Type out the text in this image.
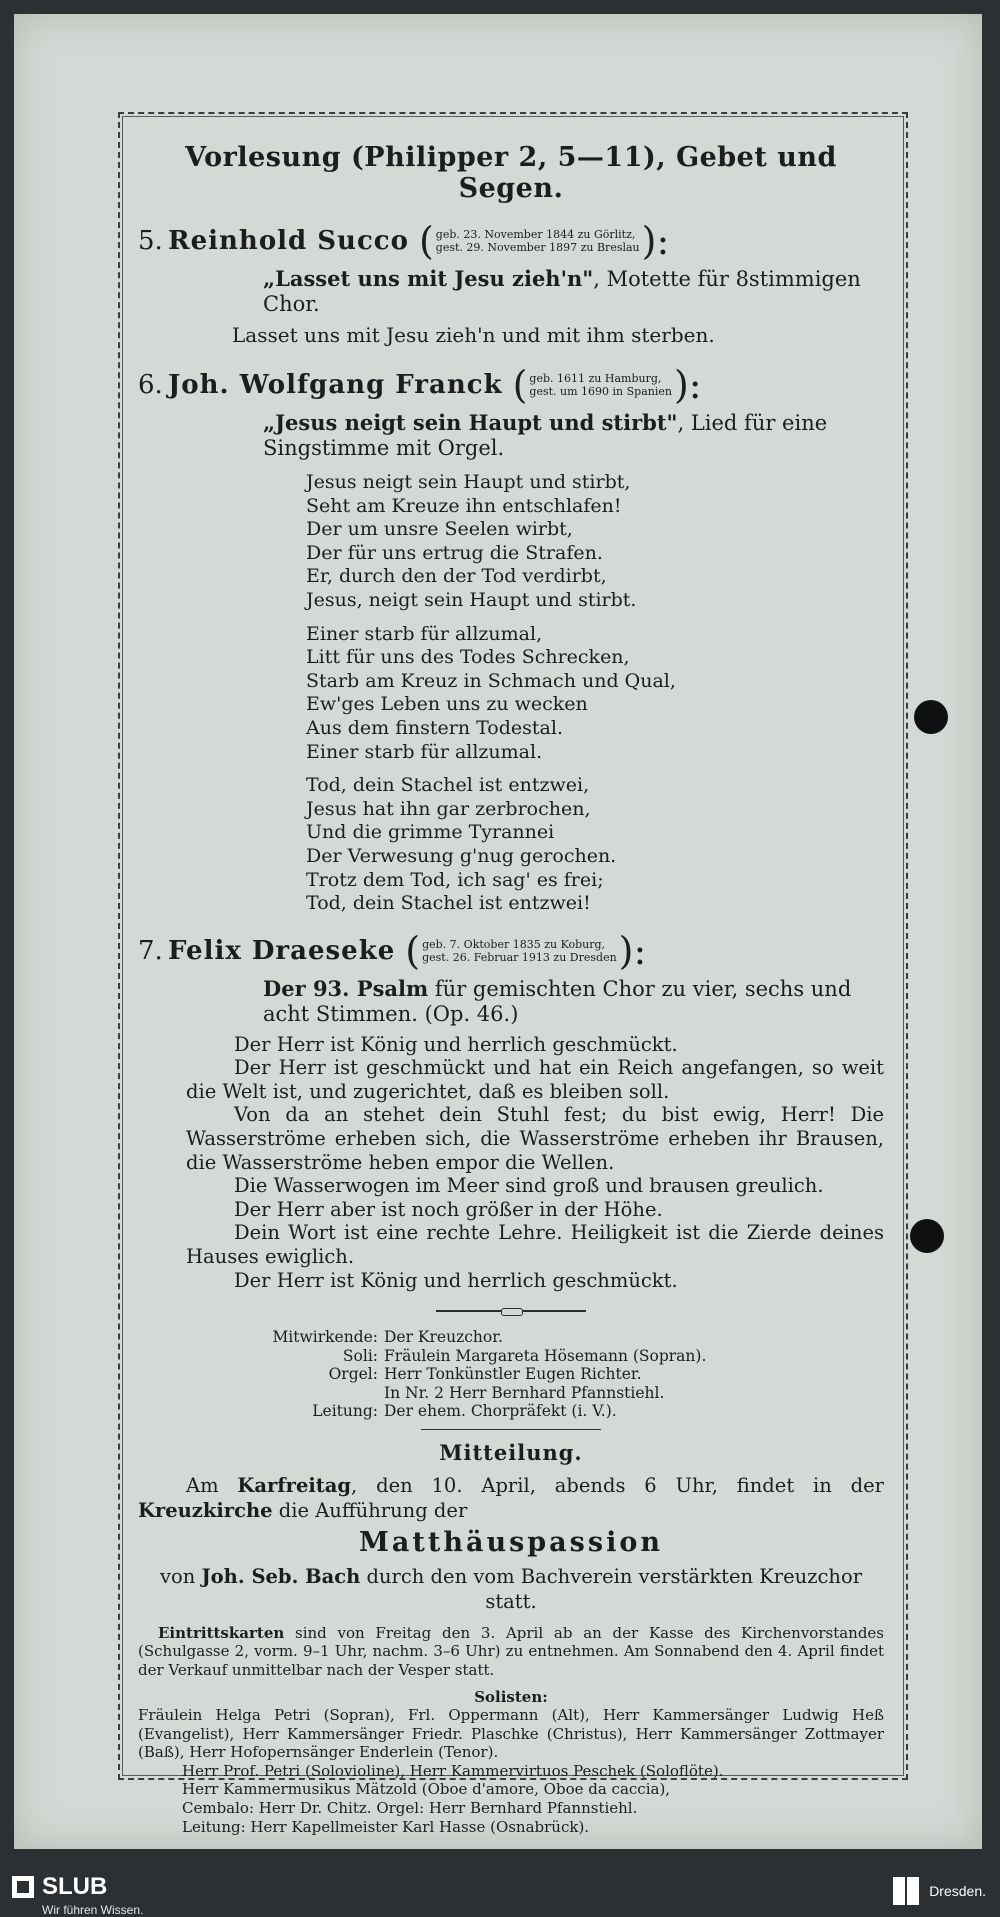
Vorlesung (Philipper 2, 5—11), Gebet und Segen.
5. Reinhold Succo ( geb. 23. November 1844 zu Görlitz,
gest. 29. November 1897 zu Breslau ):
„Lasset uns mit Jesu zieh'n", Motette für 8stimmigen Chor.

Lasset uns mit Jesu zieh'n und mit ihm sterben.

6. Joh. Wolfgang Franck ( geb. 1611 zu Hamburg,
gest. um 1690 in Spanien ):
„Jesus neigt sein Haupt und stirbt", Lied für eine Singstimme mit Orgel.

Jesus neigt sein Haupt und stirbt,

Seht am Kreuze ihn entschlafen!

Der um unsre Seelen wirbt,

Der für uns ertrug die Strafen.

Er, durch den der Tod verdirbt,

Jesus, neigt sein Haupt und stirbt.

Einer starb für allzumal,

Litt für uns des Todes Schrecken,

Starb am Kreuz in Schmach und Qual,

Ew'ges Leben uns zu wecken

Aus dem finstern Todestal.

Einer starb für allzumal.

Tod, dein Stachel ist entzwei,

Jesus hat ihn gar zerbrochen,

Und die grimme Tyrannei

Der Verwesung g'nug gerochen.

Trotz dem Tod, ich sag' es frei;

Tod, dein Stachel ist entzwei!

7. Felix Draeseke ( geb. 7. Oktober 1835 zu Koburg,
gest. 26. Februar 1913 zu Dresden ):
Der 93. Psalm für gemischten Chor zu vier, sechs und acht Stimmen. (Op. 46.)
Der Herr ist König und herrlich geschmückt.
Der Herr ist geschmückt und hat ein Reich angefangen, so weit die Welt ist, und zugerichtet, daß es bleiben soll.
Von da an stehet dein Stuhl fest; du bist ewig, Herr! Die Wasserströme erheben sich, die Wasserströme erheben ihr Brausen, die Wasserströme heben empor die Wellen.
Die Wasserwogen im Meer sind groß und brausen greulich.
Der Herr aber ist noch größer in der Höhe.
Dein Wort ist eine rechte Lehre. Heiligkeit ist die Zierde deines Hauses ewiglich.
Der Herr ist König und herrlich geschmückt.
Mitwirkende: Der Kreuzchor.
Soli: Fräulein Margareta Hösemann (Sopran).
Orgel: Herr Tonkünstler Eugen Richter.
In Nr. 2 Herr Bernhard Pfannstiehl.
Leitung: Der ehem. Chorpräfekt (i. V.).
Mitteilung.

Am Karfreitag, den 10. April, abends 6 Uhr, findet in der Kreuzkirche die Aufführung der

Matthäuspassion

von Joh. Seb. Bach durch den vom Bachverein verstärkten Kreuzchor statt.

Eintrittskarten sind von Freitag den 3. April ab an der Kasse des Kirchenvorstandes (Schulgasse 2, vorm. 9–1 Uhr, nachm. 3–6 Uhr) zu entnehmen. Am Sonnabend den 4. April findet der Verkauf unmittelbar nach der Vesper statt.

Solisten:

Fräulein Helga Petri (Sopran), Frl. Oppermann (Alt), Herr Kammersänger Ludwig Heß (Evangelist), Herr Kammersänger Friedr. Plaschke (Christus), Herr Kammersänger Zottmayer (Baß), Herr Hofopernsänger Enderlein (Tenor).

Herr Prof. Petri (Solovioline), Herr Kammervirtuos Peschek (Soloflöte).
Herr Kammermusikus Mätzold (Oboe d'amore, Oboe da caccia),
Cembalo: Herr Dr. Chitz. Orgel: Herr Bernhard Pfannstiehl.
Leitung: Herr Kapellmeister Karl Hasse (Osnabrück).
SLUB
Wir führen Wissen.
Dresden.
